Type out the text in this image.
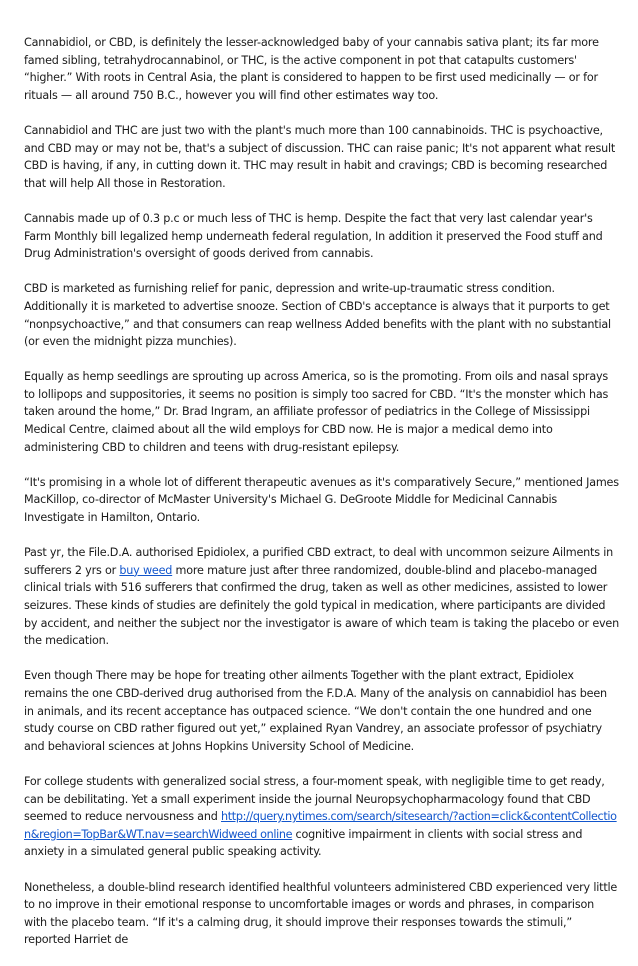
Cannabidiol, or CBD, is definitely the lesser-acknowledged baby of your cannabis sativa plant; its far more famed sibling, tetrahydrocannabinol, or THC, is the active component in pot that catapults customers' “higher.” With roots in Central Asia, the plant is considered to happen to be first used medicinally — or for rituals — all around 750 B.C., however you will find other estimates way too.

Cannabidiol and THC are just two with the plant's much more than 100 cannabinoids. THC is psychoactive, and CBD may or may not be, that's a subject of discussion. THC can raise panic; It's not apparent what result CBD is having, if any, in cutting down it. THC may result in habit and cravings; CBD is becoming researched that will help All those in Restoration.

Cannabis made up of 0.3 p.c or much less of THC is hemp. Despite the fact that very last calendar year's Farm Monthly bill legalized hemp underneath federal regulation, In addition it preserved the Food stuff and Drug Administration's oversight of goods derived from cannabis.

CBD is marketed as furnishing relief for panic, depression and write-up-traumatic stress condition. Additionally it is marketed to advertise snooze. Section of CBD's acceptance is always that it purports to get “nonpsychoactive,” and that consumers can reap wellness Added benefits with the plant with no substantial (or even the midnight pizza munchies).

Equally as hemp seedlings are sprouting up across America, so is the promoting. From oils and nasal sprays to lollipops and suppositories, it seems no position is simply too sacred for CBD. “It's the monster which has taken around the home,” Dr. Brad Ingram, an affiliate professor of pediatrics in the College of Mississippi Medical Centre, claimed about all the wild employs for CBD now. He is major a medical demo into administering CBD to children and teens with drug-resistant epilepsy.

“It's promising in a whole lot of different therapeutic avenues as it's comparatively Secure,” mentioned James MacKillop, co-director of McMaster University's Michael G. DeGroote Middle for Medicinal Cannabis Investigate in Hamilton, Ontario.

Past yr, the File.D.A. authorised Epidiolex, a purified CBD extract, to deal with uncommon seizure Ailments in sufferers 2 yrs or buy weed more mature just after three randomized, double-blind and placebo-managed clinical trials with 516 sufferers that confirmed the drug, taken as well as other medicines, assisted to lower seizures. These kinds of studies are definitely the gold typical in medication, where participants are divided by accident, and neither the subject nor the investigator is aware of which team is taking the placebo or even the medication.

Even though There may be hope for treating other ailments Together with the plant extract, Epidiolex remains the one CBD-derived drug authorised from the F.D.A. Many of the analysis on cannabidiol has been in animals, and its recent acceptance has outpaced science. “We don't contain the one hundred and one study course on CBD rather figured out yet,” explained Ryan Vandrey, an associate professor of psychiatry and behavioral sciences at Johns Hopkins University School of Medicine.

For college students with generalized social stress, a four-moment speak, with negligible time to get ready, can be debilitating. Yet a small experiment inside the journal Neuropsychopharmacology found that CBD seemed to reduce nervousness and http://query.nytimes.com/search/sitesearch/?action=click&contentCollection&region=TopBar&WT.nav=searchWidweed online cognitive impairment in clients with social stress and anxiety in a simulated general public speaking activity.

Nonetheless, a double-blind research identified healthful volunteers administered CBD experienced very little to no improve in their emotional response to uncomfortable images or words and phrases, in comparison with the placebo team. “If it's a calming drug, it should improve their responses towards the stimuli,” reported Harriet de
